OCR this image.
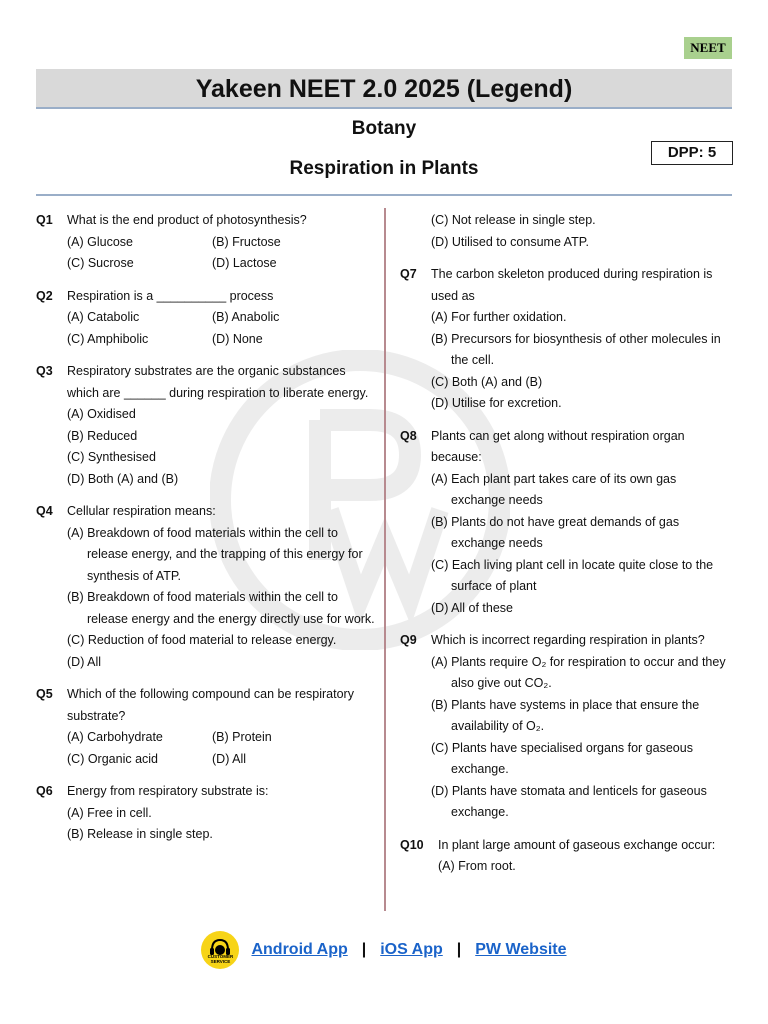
NEET
Yakeen NEET 2.0 2025 (Legend)
Botany
Respiration in Plants
DPP: 5
Q1	What is the end product of photosynthesis?
(A) Glucose	(B) Fructose
(C) Sucrose	(D) Lactose
Q2	Respiration is a __________ process
(A) Catabolic	(B) Anabolic
(C) Amphibolic	(D) None
Q3	Respiratory substrates are the organic substances which are ______ during respiration to liberate energy.
(A) Oxidised
(B) Reduced
(C) Synthesised
(D) Both (A) and (B)
Q4	Cellular respiration means:
(A) Breakdown of food materials within the cell to release energy, and the trapping of this energy for synthesis of ATP.
(B) Breakdown of food materials within the cell to release energy and the energy directly use for work.
(C) Reduction of food material to release energy.
(D) All
Q5	Which of the following compound can be respiratory substrate?
(A) Carbohydrate	(B) Protein
(C) Organic acid	(D) All
Q6	Energy from respiratory substrate is:
(A) Free in cell.
(B) Release in single step.
(C) Not release in single step.
(D) Utilised to consume ATP.
Q7	The carbon skeleton produced during respiration is used as
(A) For further oxidation.
(B) Precursors for biosynthesis of other molecules in the cell.
(C) Both (A) and (B)
(D) Utilise for excretion.
Q8	Plants can get along without respiration organ because:
(A) Each plant part takes care of its own gas exchange needs
(B) Plants do not have great demands of gas exchange needs
(C) Each living plant cell in locate quite close to the surface of plant
(D) All of these
Q9	Which is incorrect regarding respiration in plants?
(A) Plants require O₂ for respiration to occur and they also give out CO₂.
(B) Plants have systems in place that ensure the availability of O₂.
(C) Plants have specialised organs for gaseous exchange.
(D) Plants have stomata and lenticels for gaseous exchange.
Q10	In plant large amount of gaseous exchange occur:
(A) From root.
CUSTOMER SERVICE
Android App | iOS App | PW Website
